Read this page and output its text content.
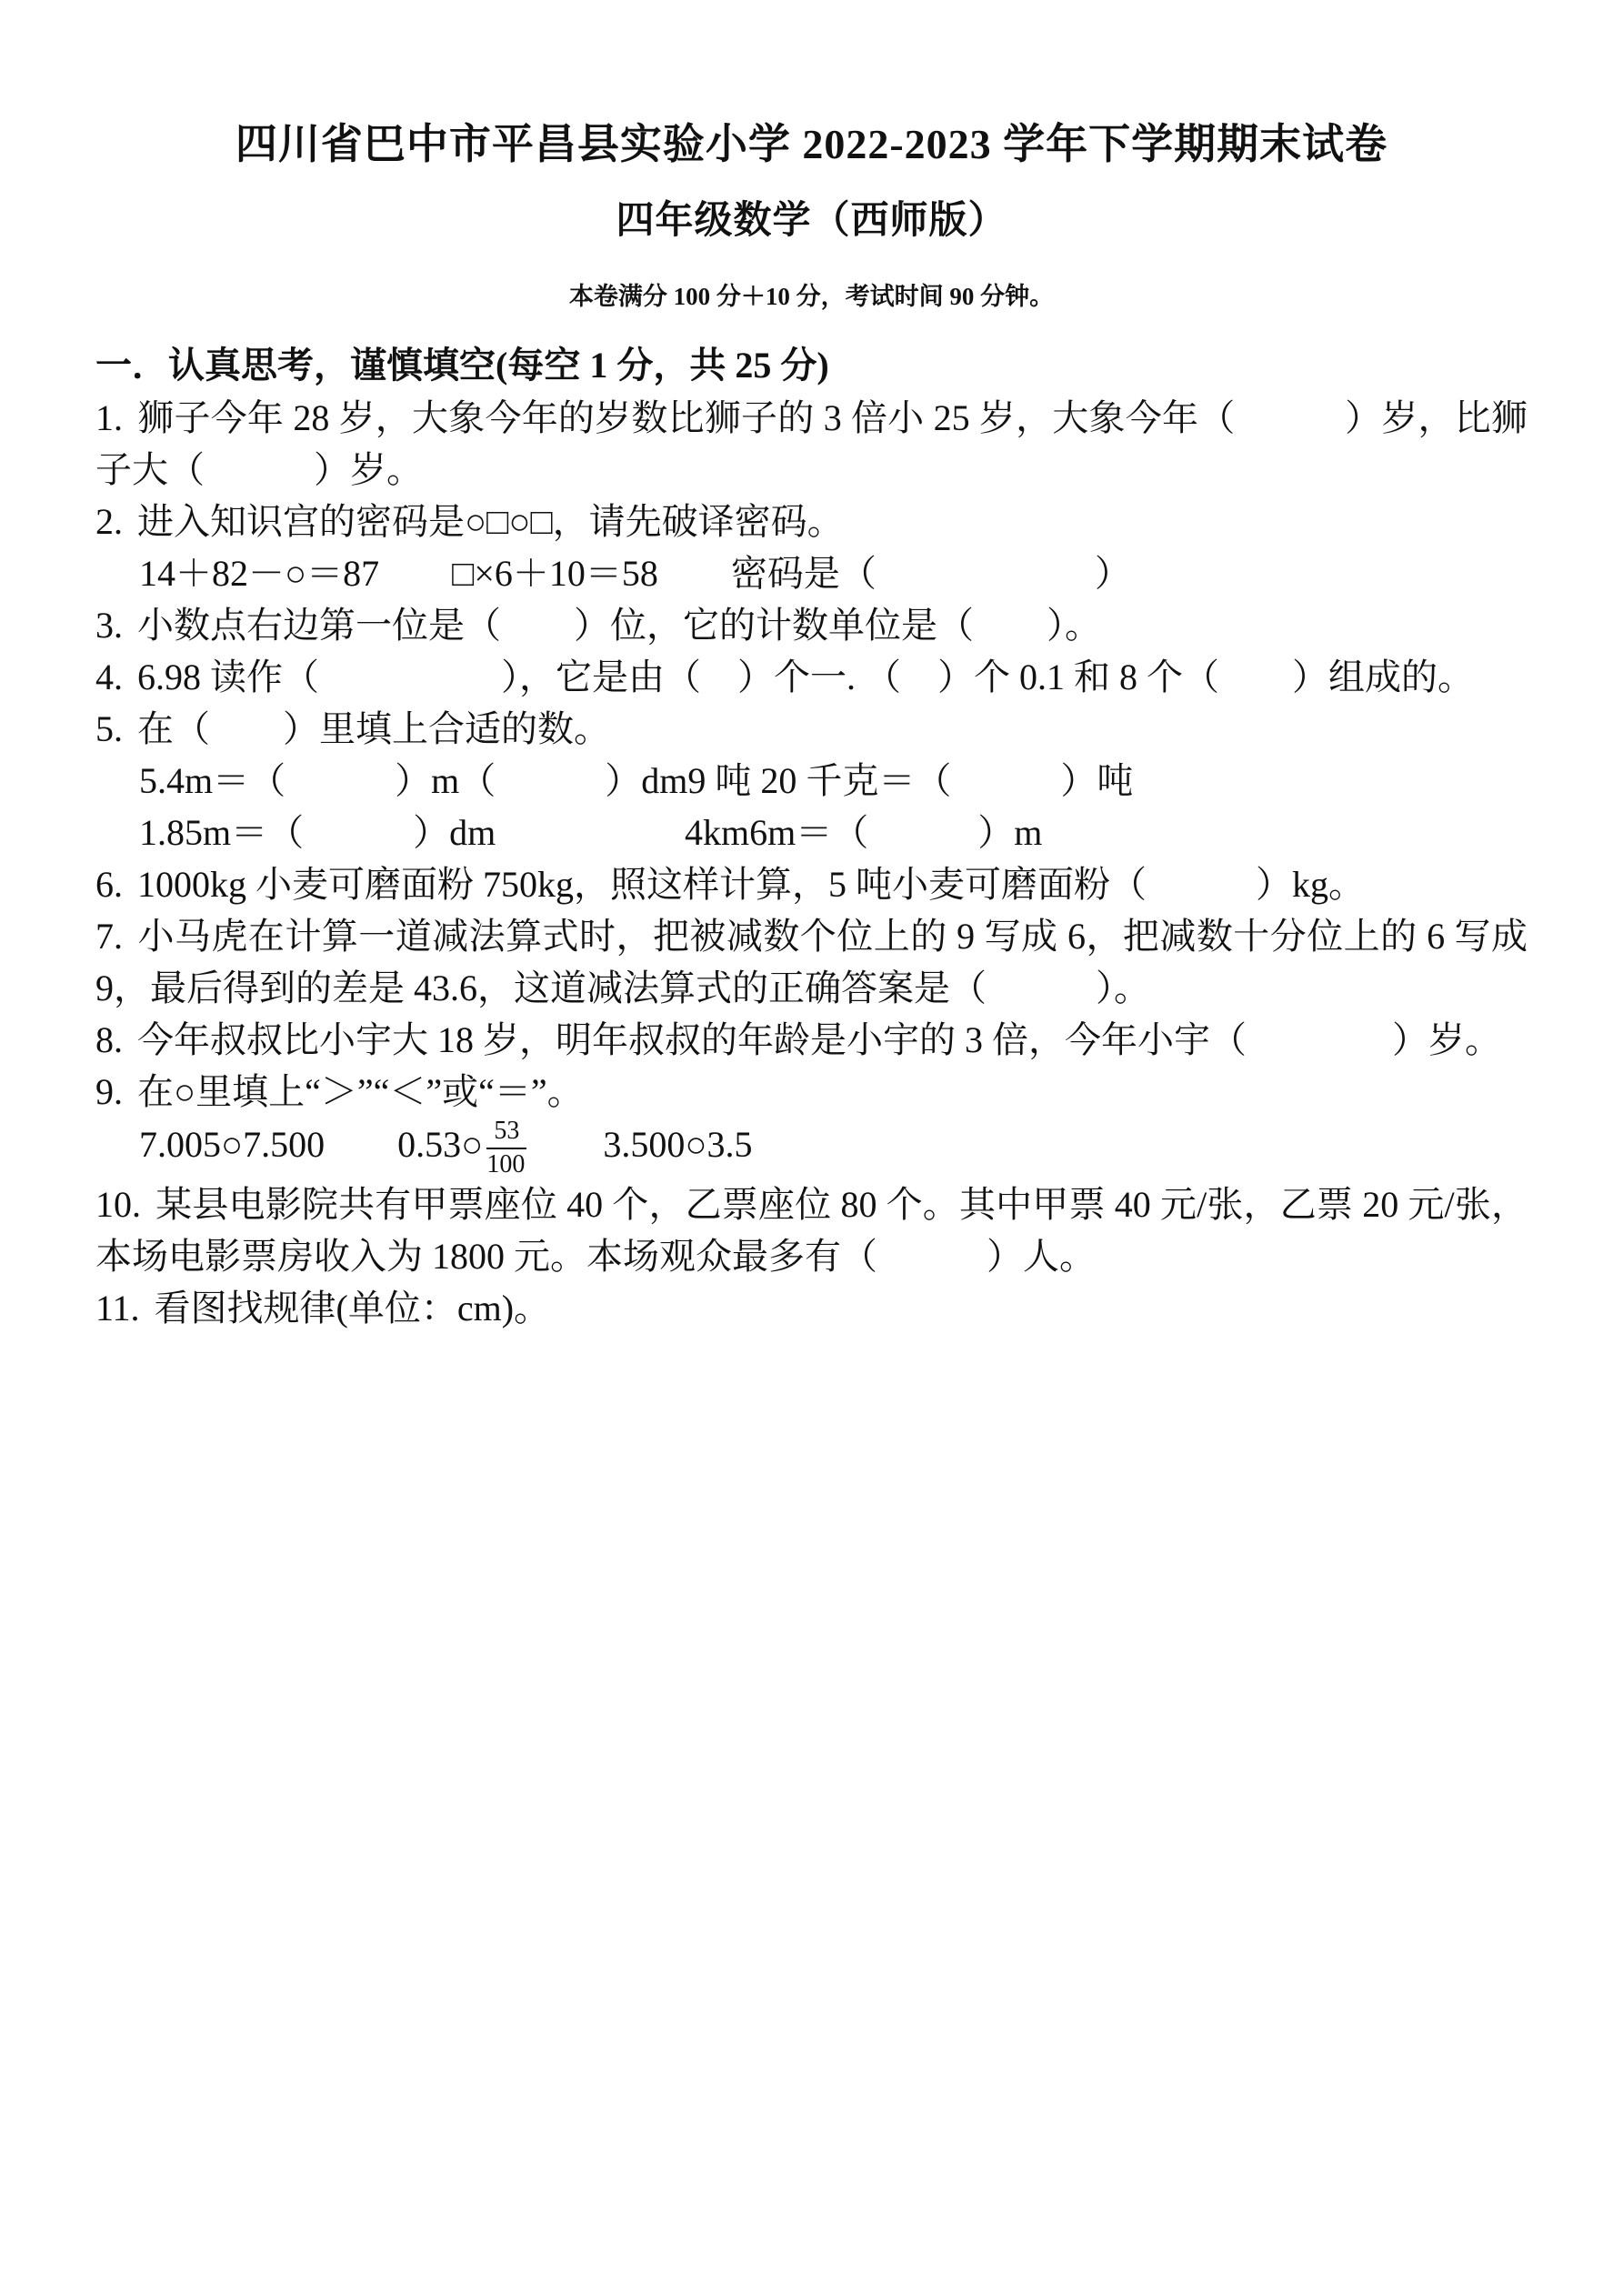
四川省巴中市平昌县实验小学 2022-2023 学年下学期期末试卷
四年级数学（西师版）

本卷满分 100 分＋10 分，考试时间 90 分钟。

一．认真思考，谨慎填空(每空 1 分，共 25 分)

1. 狮子今年 28 岁，大象今年的岁数比狮子的 3 倍小 25 岁，大象今年（　　　）岁，比狮子大（　　　）岁。

2. 进入知识宫的密码是○□○□，请先破译密码。

14＋82－○＝87 □×6＋10＝58 密码是（　　　　　　）

3. 小数点右边第一位是（　　）位，它的计数单位是（　　）。

4. 6.98 读作（　　　　　），它是由（　）个一. （　）个 0.1 和 8 个（　　）组成的。

5. 在（　　）里填上合适的数。

5.4m＝（　　　）m（　　　）dm9 吨 20 千克＝（　　　）吨

1.85m＝（　　　）dm	4km6m＝（　　　）m

6. 1000kg 小麦可磨面粉 750kg，照这样计算，5 吨小麦可磨面粉（　　　）kg。

7. 小马虎在计算一道减法算式时，把被减数个位上的 9 写成 6，把减数十分位上的 6 写成 9，最后得到的差是 43.6，这道减法算式的正确答案是（　　　）。

8. 今年叔叔比小宇大 18 岁，明年叔叔的年龄是小宇的 3 倍，今年小宇（　　　　）岁。

9. 在○里填上“＞”“＜”或“＝”。

7.005○7.500 0.53○ $\frac{53}{100}$ 3.500○3.5

10. 某县电影院共有甲票座位 40 个，乙票座位 80 个。其中甲票 40 元/张，乙票 20 元/张，本场电影票房收入为 1800 元。本场观众最多有（　　　）人。

11. 看图找规律(单位：cm)。
